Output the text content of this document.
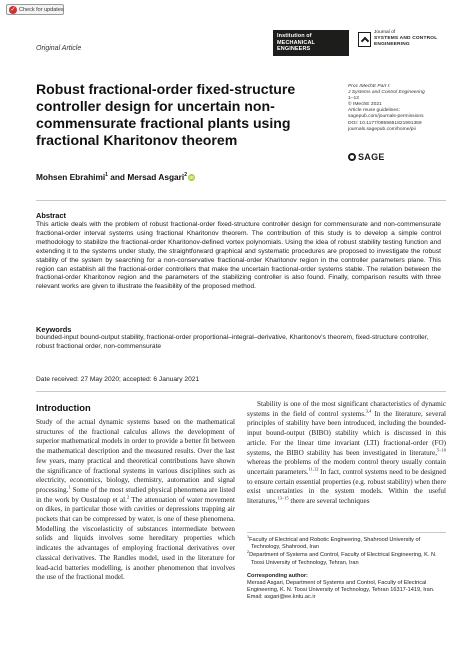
✓ Check for updates
Original Article
Institution of
MECHANICAL
ENGINEERS
Journal of
SYSTEMS AND CONTROL
ENGINEERING
Robust fractional-order fixed-structure controller design for uncertain non-commensurate fractional plants using fractional Kharitonov theorem
Proc IMechE Part I:
J Systems and Control Engineering
1–13
© IMechE 2021
Article reuse guidelines:
sagepub.com/journals-permissions
DOI: 10.1177/0959651821991359
journals.sagepub.com/home/pii
SAGE
Mohsen Ebrahimi$^1$ and Mersad Asgari$^2$ iD
Abstract

This article deals with the problem of robust fractional-order fixed-structure controller design for commensurate and non-commensurate fractional-order interval systems using fractional Kharitonov theorem. The contribution of this study is to develop a simple control methodology to stabilize the fractional-order Kharitonov-defined vortex polynomials. Using the idea of robust stability testing function and extending it to the systems under study, the straightforward graphical and systematic procedures are proposed to investigate the robust stability of the system by searching for a non-conservative fractional-order Kharitonov region in the controller parameters plane. This region can establish all the fractional-order controllers that make the uncertain fractional-order systems stable. The relation between the fractional-order Kharitonov region and the parameters of the stabilizing controller is also found. Finally, comparison results with three relevant works are given to illustrate the feasibility of the proposed method.

Keywords

bounded-input bound-output stability, fractional-order proportional–integral–derivative, Kharitonov's theorem, fixed-structure controller, robust fractional order, non-commensurate

Date received: 27 May 2020; accepted: 6 January 2021
Introduction

Study of the actual dynamic systems based on the mathematical structures of the fractional calculus allows the development of superior mathematical models in order to provide a better fit between the mathematical description and the measured results. Over the last few years, many practical and theoretical contributions have shown the significance of fractional systems in various disciplines such as electricity, economics, biology, chemistry, automation and signal processing.$^1$ Some of the most studied physical phenomena are listed in the work by Oustaloup et al.$^2$ The attenuation of water movement on dikes, in particular those with cavities or depressions trapping air pockets that can be compressed by water, is one of these phenomena. Modelling the viscoelasticity of substances intermediate between solids and liquids involves some hereditary properties which indicates the advantages of employing fractional derivatives over classical derivatives. The Randles model, used in the literature for lead-acid batteries modelling, is another phenomenon that involves the use of the fractional model.

Stability is one of the most significant characteristics of dynamic systems in the field of control systems.$^{3,4}$ In the literature, several principles of stability have been introduced, including the bounded-input bound-output (BIBO) stability which is discussed in this article. For the linear time invariant (LTI) fractional-order (FO) systems, the BIBO stability has been investigated in literature,$^{5-10}$ whereas the problems of the modern control theory usually contain uncertain parameters.$^{11,12}$ In fact, control systems need to be designed to ensure certain essential properties (e.g. robust stability) when there exist uncertainties in the system models. Within the useful literatures,$^{13-15}$ there are several techniques

$^1$Faculty of Electrical and Robotic Engineering, Shahrood University of Technology, Shahrood, Iran
$^2$Department of Systems and Control, Faculty of Electrical Engineering, K. N. Toosi University of Technology, Tehran, Iran
Corresponding author:
Mersad Asgari, Department of Systems and Control, Faculty of Electrical Engineering, K. N. Toosi University of Technology, Tehran 16317-1419, Iran.
Email: asgari@ee.kntu.ac.ir
